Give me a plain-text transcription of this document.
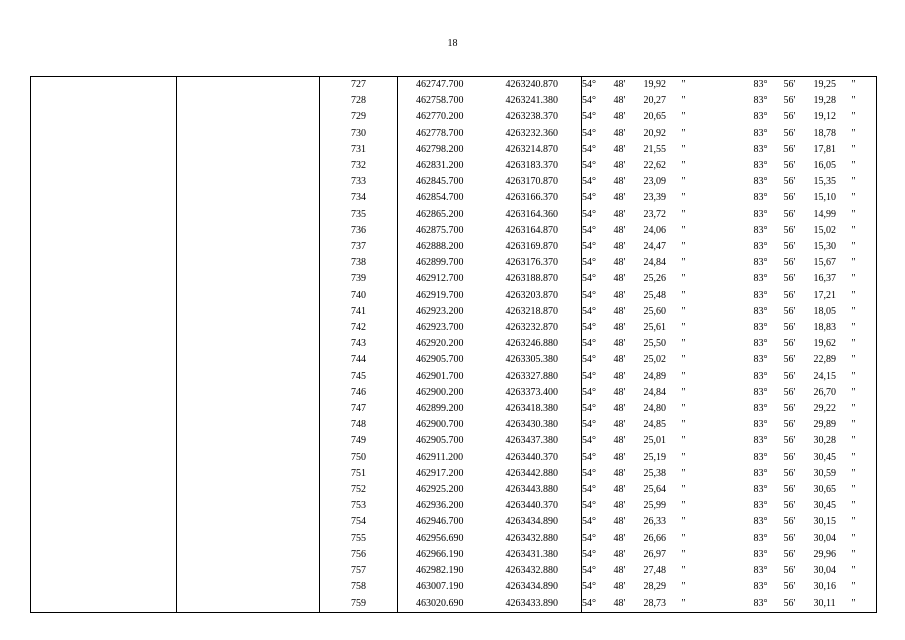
18
		727	462747.700	4263240.870	54°	48'	19,92	"	83°	56'	19,25	"
		728	462758.700	4263241.380	54°	48'	20,27	"	83°	56'	19,28	"
		729	462770.200	4263238.370	54°	48'	20,65	"	83°	56'	19,12	"
		730	462778.700	4263232.360	54°	48'	20,92	"	83°	56'	18,78	"
		731	462798.200	4263214.870	54°	48'	21,55	"	83°	56'	17,81	"
		732	462831.200	4263183.370	54°	48'	22,62	"	83°	56'	16,05	"
		733	462845.700	4263170.870	54°	48'	23,09	"	83°	56'	15,35	"
		734	462854.700	4263166.370	54°	48'	23,39	"	83°	56'	15,10	"
		735	462865.200	4263164.360	54°	48'	23,72	"	83°	56'	14,99	"
		736	462875.700	4263164.870	54°	48'	24,06	"	83°	56'	15,02	"
		737	462888.200	4263169.870	54°	48'	24,47	"	83°	56'	15,30	"
		738	462899.700	4263176.370	54°	48'	24,84	"	83°	56'	15,67	"
		739	462912.700	4263188.870	54°	48'	25,26	"	83°	56'	16,37	"
		740	462919.700	4263203.870	54°	48'	25,48	"	83°	56'	17,21	"
		741	462923.200	4263218.870	54°	48'	25,60	"	83°	56'	18,05	"
		742	462923.700	4263232.870	54°	48'	25,61	"	83°	56'	18,83	"
		743	462920.200	4263246.880	54°	48'	25,50	"	83°	56'	19,62	"
		744	462905.700	4263305.380	54°	48'	25,02	"	83°	56'	22,89	"
		745	462901.700	4263327.880	54°	48'	24,89	"	83°	56'	24,15	"
		746	462900.200	4263373.400	54°	48'	24,84	"	83°	56'	26,70	"
		747	462899.200	4263418.380	54°	48'	24,80	"	83°	56'	29,22	"
		748	462900.700	4263430.380	54°	48'	24,85	"	83°	56'	29,89	"
		749	462905.700	4263437.380	54°	48'	25,01	"	83°	56'	30,28	"
		750	462911.200	4263440.370	54°	48'	25,19	"	83°	56'	30,45	"
		751	462917.200	4263442.880	54°	48'	25,38	"	83°	56'	30,59	"
		752	462925.200	4263443.880	54°	48'	25,64	"	83°	56'	30,65	"
		753	462936.200	4263440.370	54°	48'	25,99	"	83°	56'	30,45	"
		754	462946.700	4263434.890	54°	48'	26,33	"	83°	56'	30,15	"
		755	462956.690	4263432.880	54°	48'	26,66	"	83°	56'	30,04	"
		756	462966.190	4263431.380	54°	48'	26,97	"	83°	56'	29,96	"
		757	462982.190	4263432.880	54°	48'	27,48	"	83°	56'	30,04	"
		758	463007.190	4263434.890	54°	48'	28,29	"	83°	56'	30,16	"
		759	463020.690	4263433.890	54°	48'	28,73	"	83°	56'	30,11	"
